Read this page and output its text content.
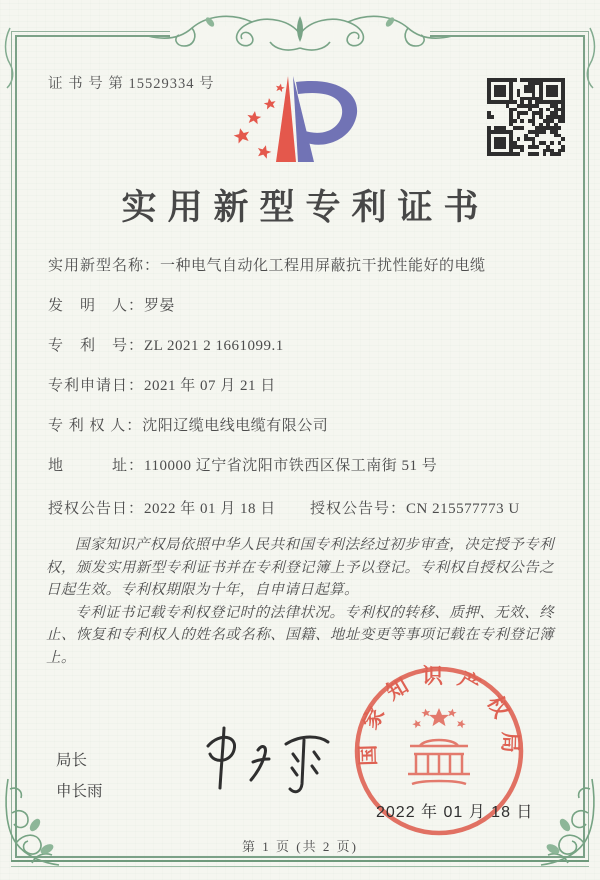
证 书 号 第 15529334 号
实用新型专利证书
实用新型名称：一种电气自动化工程用屏蔽抗干扰性能好的电缆
发　明　人：罗晏
专　利　号：ZL 2021 2 1661099.1
专利申请日：2021 年 07 月 21 日
专 利 权 人：沈阳辽缆电线电缆有限公司
地　　　址：110000 辽宁省沈阳市铁西区保工南街 51 号
授权公告日：2022 年 01 月 18 日 授权公告号：CN 215577773 U

国家知识产权局依照中华人民共和国专利法经过初步审查，决定授予专利权，颁发实用新型专利证书并在专利登记簿上予以登记。专利权自授权公告之日起生效。专利权期限为十年，自申请日起算。

专利证书记载专利权登记时的法律状况。专利权的转移、质押、无效、终止、恢复和专利权人的姓名或名称、国籍、地址变更等事项记载在专利登记簿上。

局长
申长雨
国家知识产权局
2022 年 01 月 18 日
第 1 页 (共 2 页)
